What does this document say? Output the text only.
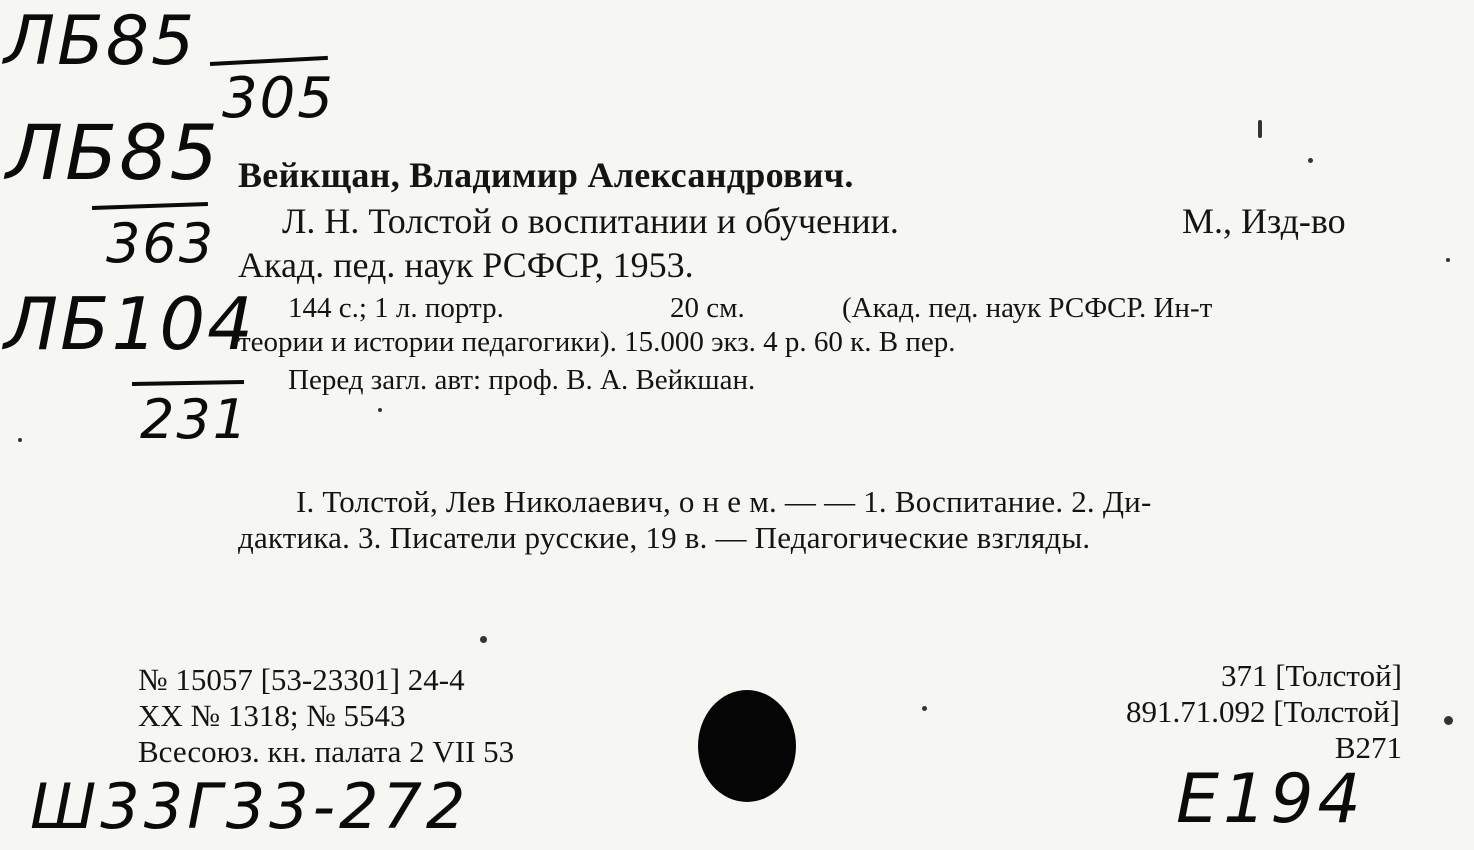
ЛБ85
305
ЛБ85
363
ЛБ104
231
Вейкщан, Владимир Александрович.
Л. Н. Толстой о воспитании и обучении.	М., Изд-во
Акад. пед. наук РСФСР, 1953.
144 с.; 1 л. портр.	20 см.	(Акад. пед. наук РСФСР. Ин-т
теории и истории педагогики). 15.000 экз. 4 р. 60 к. В пер.
Перед загл. авт: проф. В. А. Вейкшан.
I. Толстой, Лев Николаевич, о н е м. — — 1. Воспитание. 2. Ди-
дактика. 3. Писатели русские, 19 в. — Педагогические взгляды.
№ 15057 [53-23301] 24-4
XX № 1318; № 5543
Всесоюз. кн. палата 2 VII 53
371 [Толстой]
891.71.092 [Толстой]
В271
Ш33Г33-272	Е194
